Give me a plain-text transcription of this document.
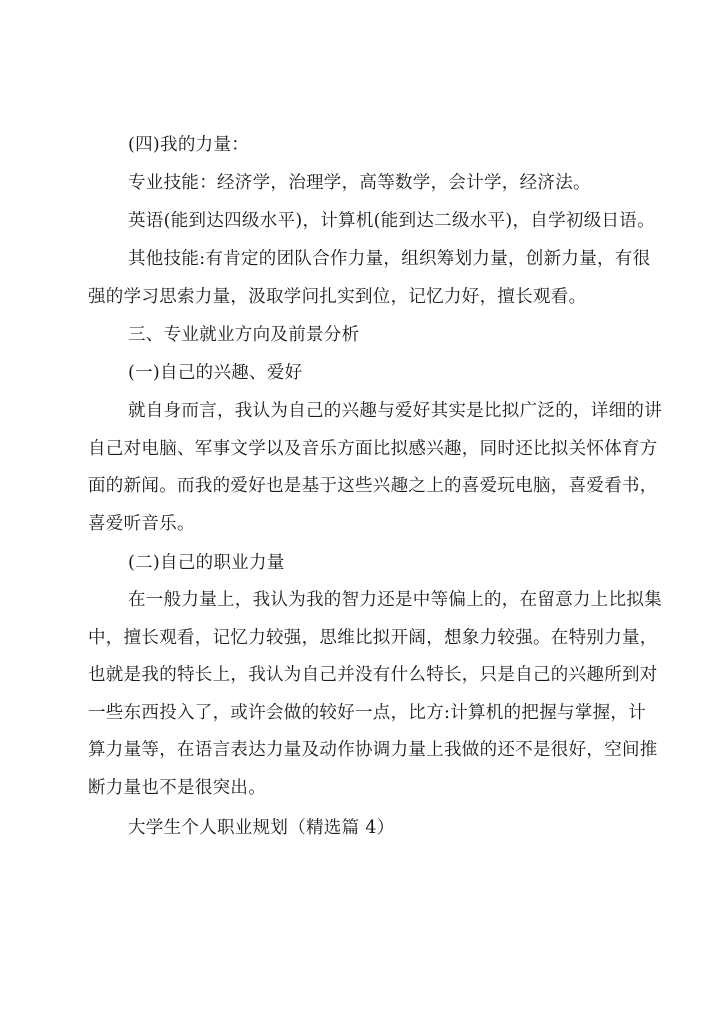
(四)我的力量：

专业技能：经济学，治理学，高等数学，会计学，经济法。

英语(能到达四级水平)，计算机(能到达二级水平)，自学初级日语。

其他技能:有肯定的团队合作力量，组织筹划力量，创新力量，有很
强的学习思索力量，汲取学问扎实到位，记忆力好，擅长观看。

三、专业就业方向及前景分析

(一)自己的兴趣、爱好

就自身而言，我认为自己的兴趣与爱好其实是比拟广泛的，详细的讲
自己对电脑、军事文学以及音乐方面比拟感兴趣，同时还比拟关怀体育方
面的新闻。而我的爱好也是基于这些兴趣之上的喜爱玩电脑，喜爱看书，
喜爱听音乐。

(二)自己的职业力量

在一般力量上，我认为我的智力还是中等偏上的，在留意力上比拟集
中，擅长观看，记忆力较强，思维比拟开阔，想象力较强。在特别力量，
也就是我的特长上，我认为自己并没有什么特长，只是自己的兴趣所到对
一些东西投入了，或许会做的较好一点，比方:计算机的把握与掌握，计
算力量等，在语言表达力量及动作协调力量上我做的还不是很好，空间推
断力量也不是很突出。

大学生个人职业规划（精选篇 4）
